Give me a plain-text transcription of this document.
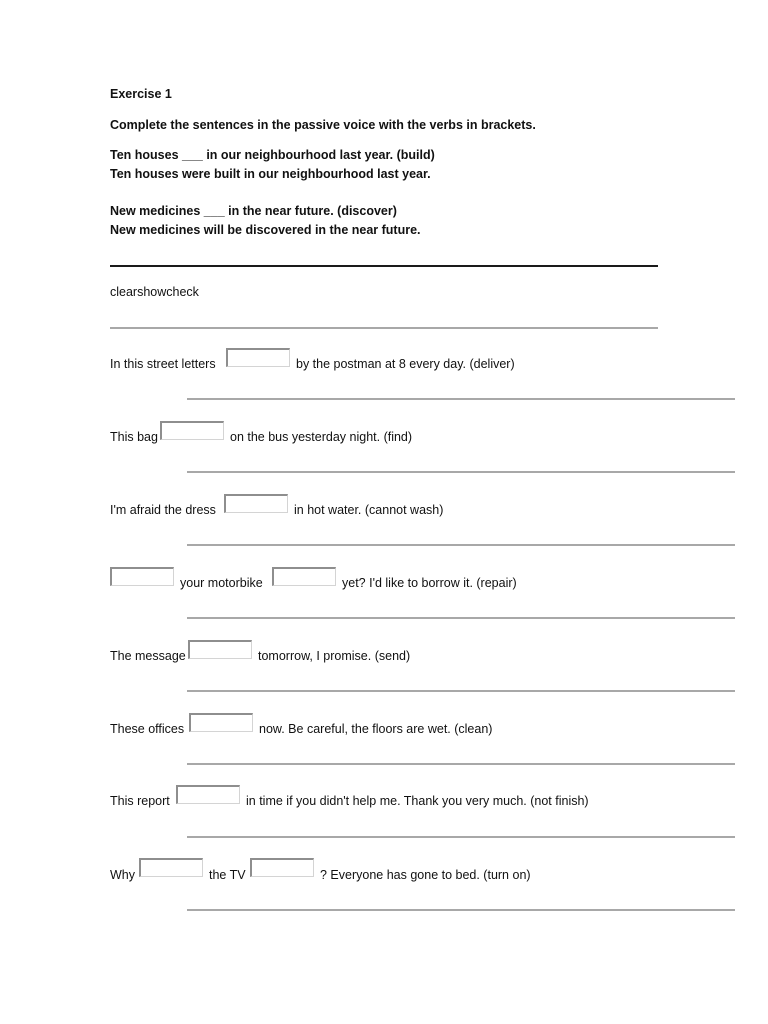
Exercise 1
Complete the sentences in the passive voice with the verbs in brackets.
Ten houses ___ in our neighbourhood last year. (build)
Ten houses were built in our neighbourhood last year.
New medicines ___ in the near future. (discover)
New medicines will be discovered in the near future.
clearshowcheck
In this street letters	by the postman at 8 every day. (deliver)
This bag	on the bus yesterday night. (find)
I'm afraid the dress	in hot water. (cannot wash)
your motorbike	yet? I'd like to borrow it. (repair)
The message	tomorrow, I promise. (send)
These offices	now. Be careful, the floors are wet. (clean)
This report	in time if you didn't help me. Thank you very much. (not finish)
Why	the TV	? Everyone has gone to bed. (turn on)
